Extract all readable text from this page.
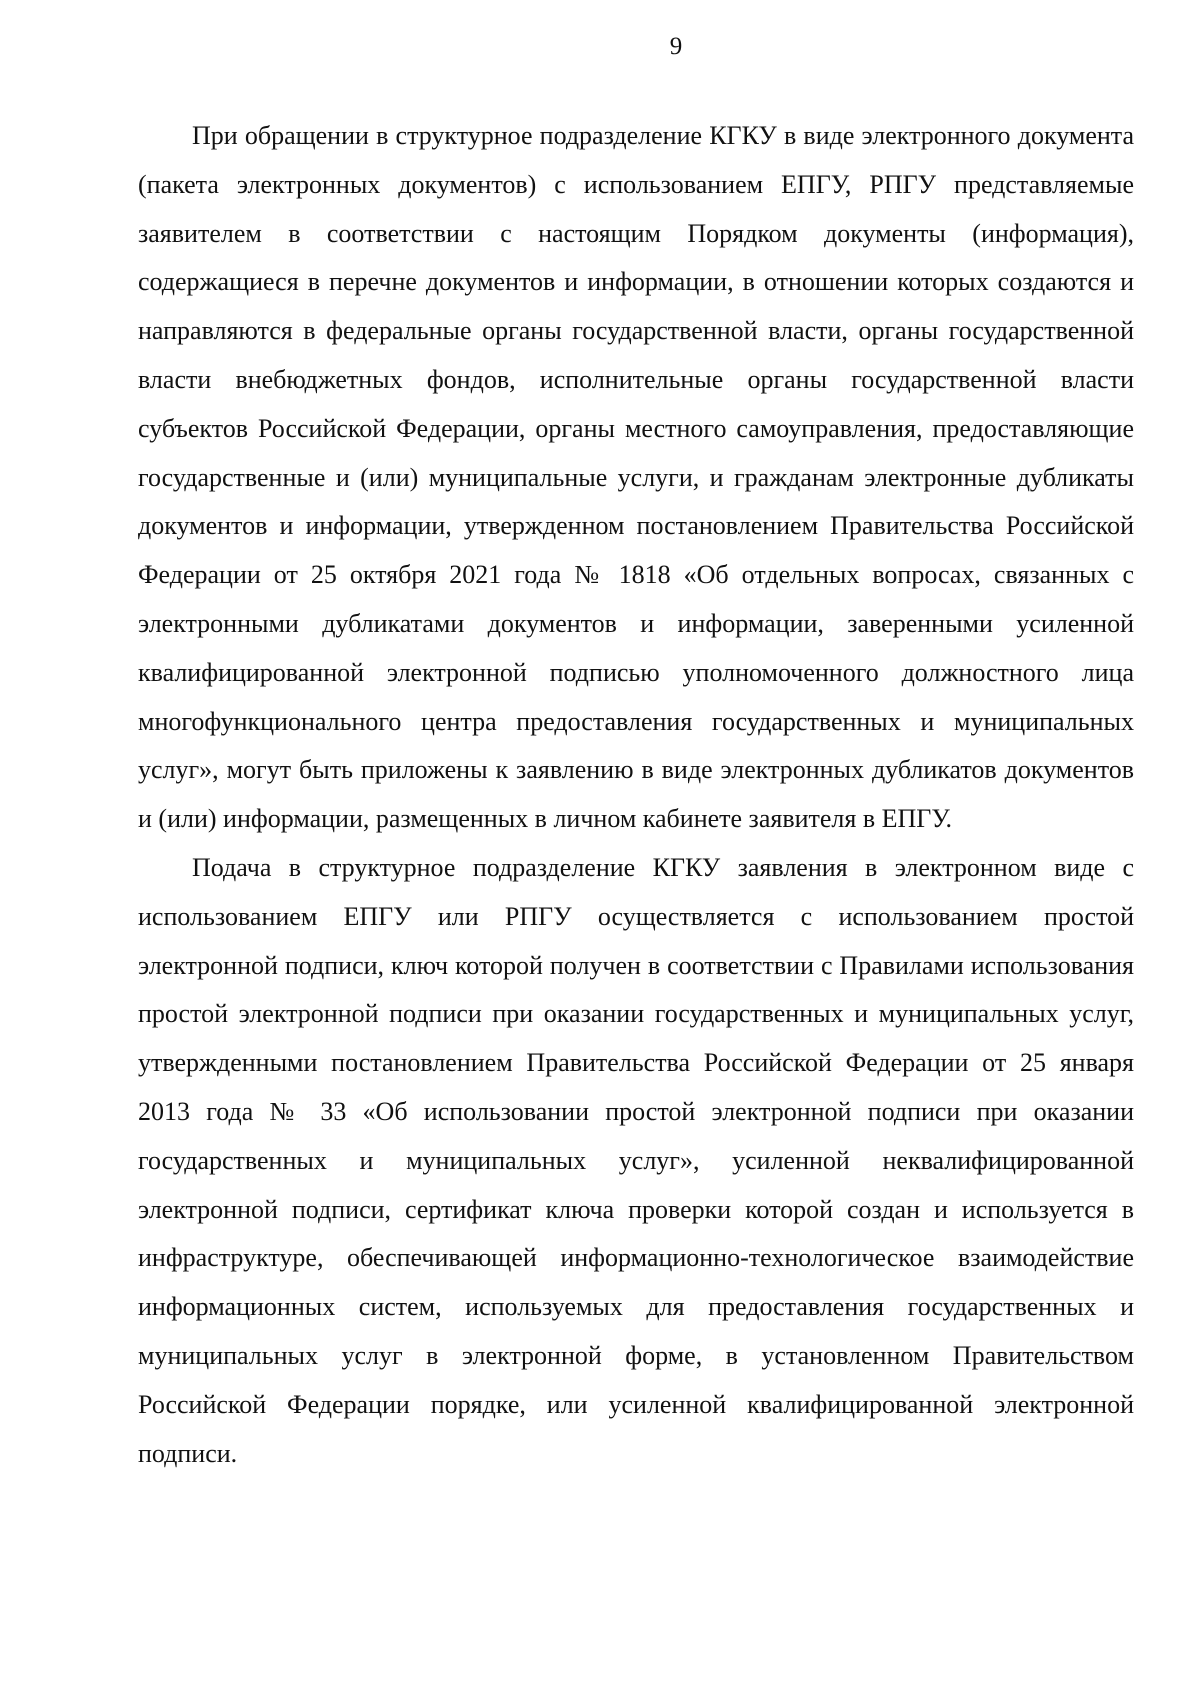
9

При обращении в структурное подразделение КГКУ в виде электронного документа (пакета электронных документов) с использованием ЕПГУ, РПГУ представляемые заявителем в соответствии с настоящим Порядком документы (информация), содержащиеся в перечне документов и информации, в отношении которых создаются и направляются в федеральные органы государственной власти, органы государственной власти внебюджетных фондов, исполнительные органы государственной власти субъектов Российской Федерации, органы местного самоуправления, предоставляющие государственные и (или) муниципальные услуги, и гражданам электронные дубликаты документов и информации, утвержденном постановлением Правительства Российской Федерации от 25 октября 2021 года № 1818 «Об отдельных вопросах, связанных с электронными дубликатами документов и информации, заверенными усиленной квалифицированной электронной подписью уполномоченного должностного лица многофункционального центра предоставления государственных и муниципальных услуг», могут быть приложены к заявлению в виде электронных дубликатов документов и (или) информации, размещенных в личном кабинете заявителя в ЕПГУ.

Подача в структурное подразделение КГКУ заявления в электронном виде с использованием ЕПГУ или РПГУ осуществляется с использованием простой электронной подписи, ключ которой получен в соответствии с Правилами использования простой электронной подписи при оказании государственных и муниципальных услуг, утвержденными постановлением Правительства Российской Федерации от 25 января 2013 года № 33 «Об использовании простой электронной подписи при оказании государственных и муниципальных услуг», усиленной неквалифицированной электронной подписи, сертификат ключа проверки которой создан и используется в инфраструктуре, обеспечивающей информационно-технологическое взаимодействие информационных систем, используемых для предоставления государственных и муниципальных услуг в электронной форме, в установленном Правительством Российской Федерации порядке, или усиленной квалифицированной электронной подписи.
